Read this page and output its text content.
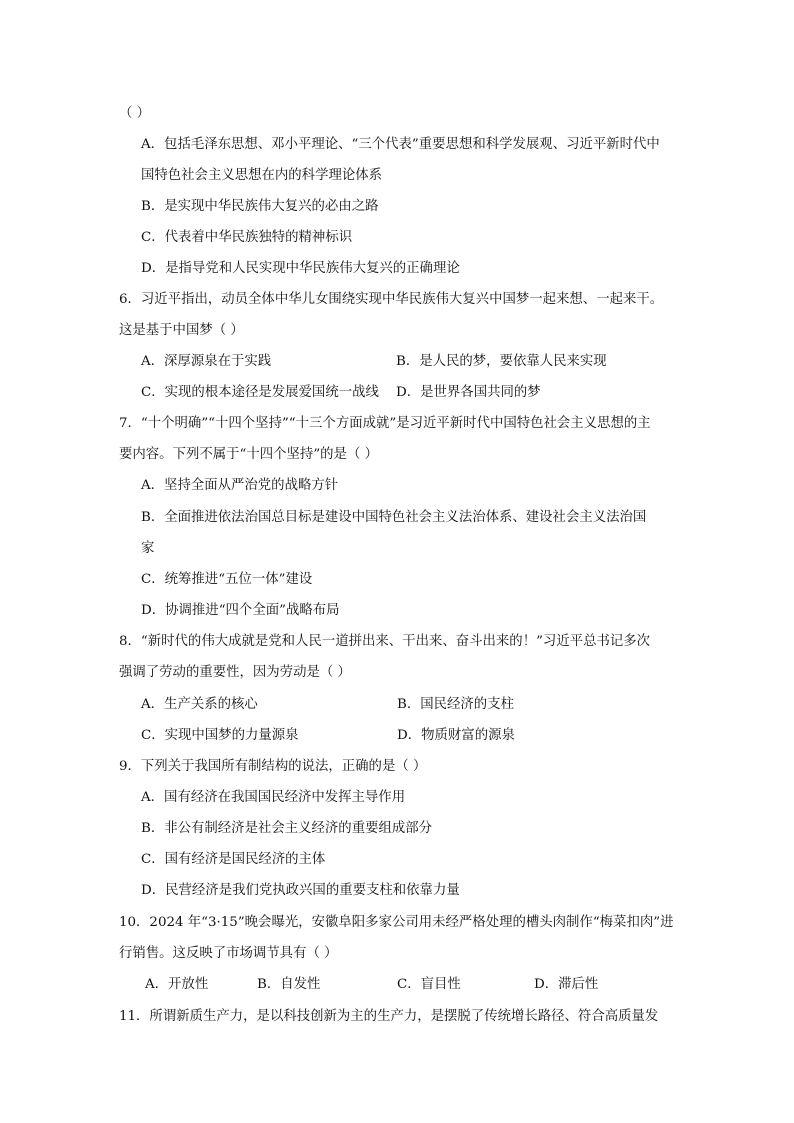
（ ）
A．包括毛泽东思想、邓小平理论、“三个代表”重要思想和科学发展观、习近平新时代中
国特色社会主义思想在内的科学理论体系
B．是实现中华民族伟大复兴的必由之路
C．代表着中华民族独特的精神标识
D．是指导党和人民实现中华民族伟大复兴的正确理论
6．习近平指出，动员全体中华儿女围绕实现中华民族伟大复兴中国梦一起来想、一起来干。
这是基于中国梦（ ）
A．深厚源泉在于实践	B．是人民的梦，要依靠人民来实现
C．实现的根本途径是发展爱国统一战线 D．是世界各国共同的梦
7．“十个明确”“十四个坚持”“十三个方面成就”是习近平新时代中国特色社会主义思想的主
要内容。下列不属于“十四个坚持”的是（ ）
A．坚持全面从严治党的战略方针
B．全面推进依法治国总目标是建设中国特色社会主义法治体系、建设社会主义法治国
家
C．统筹推进“五位一体”建设
D．协调推进“四个全面”战略布局
8．“新时代的伟大成就是党和人民一道拼出来、干出来、奋斗出来的！”习近平总书记多次
强调了劳动的重要性，因为劳动是（ ）
A．生产关系的核心	B．国民经济的支柱
C．实现中国梦的力量源泉	D．物质财富的源泉
9．下列关于我国所有制结构的说法，正确的是（ ）
A．国有经济在我国国民经济中发挥主导作用
B．非公有制经济是社会主义经济的重要组成部分
C．国有经济是国民经济的主体
D．民营经济是我们党执政兴国的重要支柱和依靠力量
10．2024 年“3·15”晚会曝光，安徽阜阳多家公司用未经严格处理的槽头肉制作“梅菜扣肉”进
行销售。这反映了市场调节具有（ ）
A．开放性	B．自发性	C．盲目性	D．滞后性
11．所谓新质生产力，是以科技创新为主的生产力，是摆脱了传统增长路径、符合高质量发
